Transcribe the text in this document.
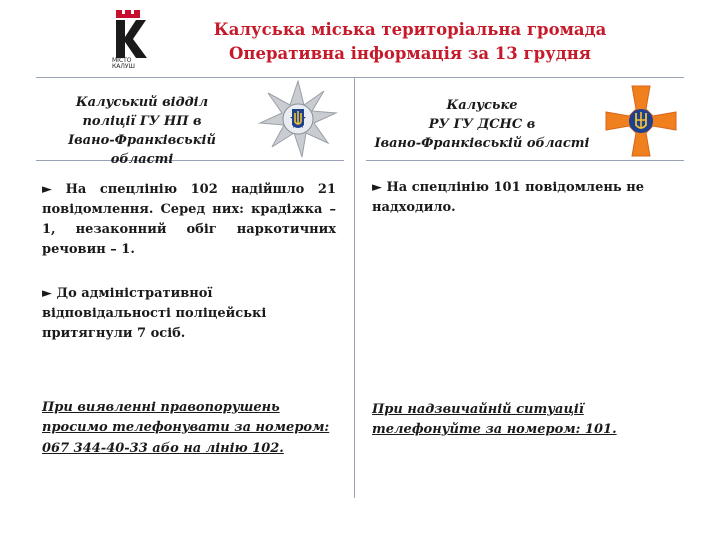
МІСТО
КАЛУШ
Калуська міська територіальна громада
Оперативна інформація за 13 грудня
Калуський відділ
поліції ГУ НП в
Івано-Франківській області
Калуське
РУ ГУ ДСНС в
Івано-Франківській області
► На спецлінію 102 надійшло 21 повідомлення. Серед них: крадіжка – 1, незаконний обіг наркотичних речовин – 1.
► До адміністративної відповідальності поліцейські притягнули 7 осіб.
При виявленні правопорушень просимо телефонувати за номером:
067 344-40-33 або на лінію 102.
► На спецлінію 101 повідомлень не надходило.
При надзвичайній ситуації телефонуйте за номером: 101.
